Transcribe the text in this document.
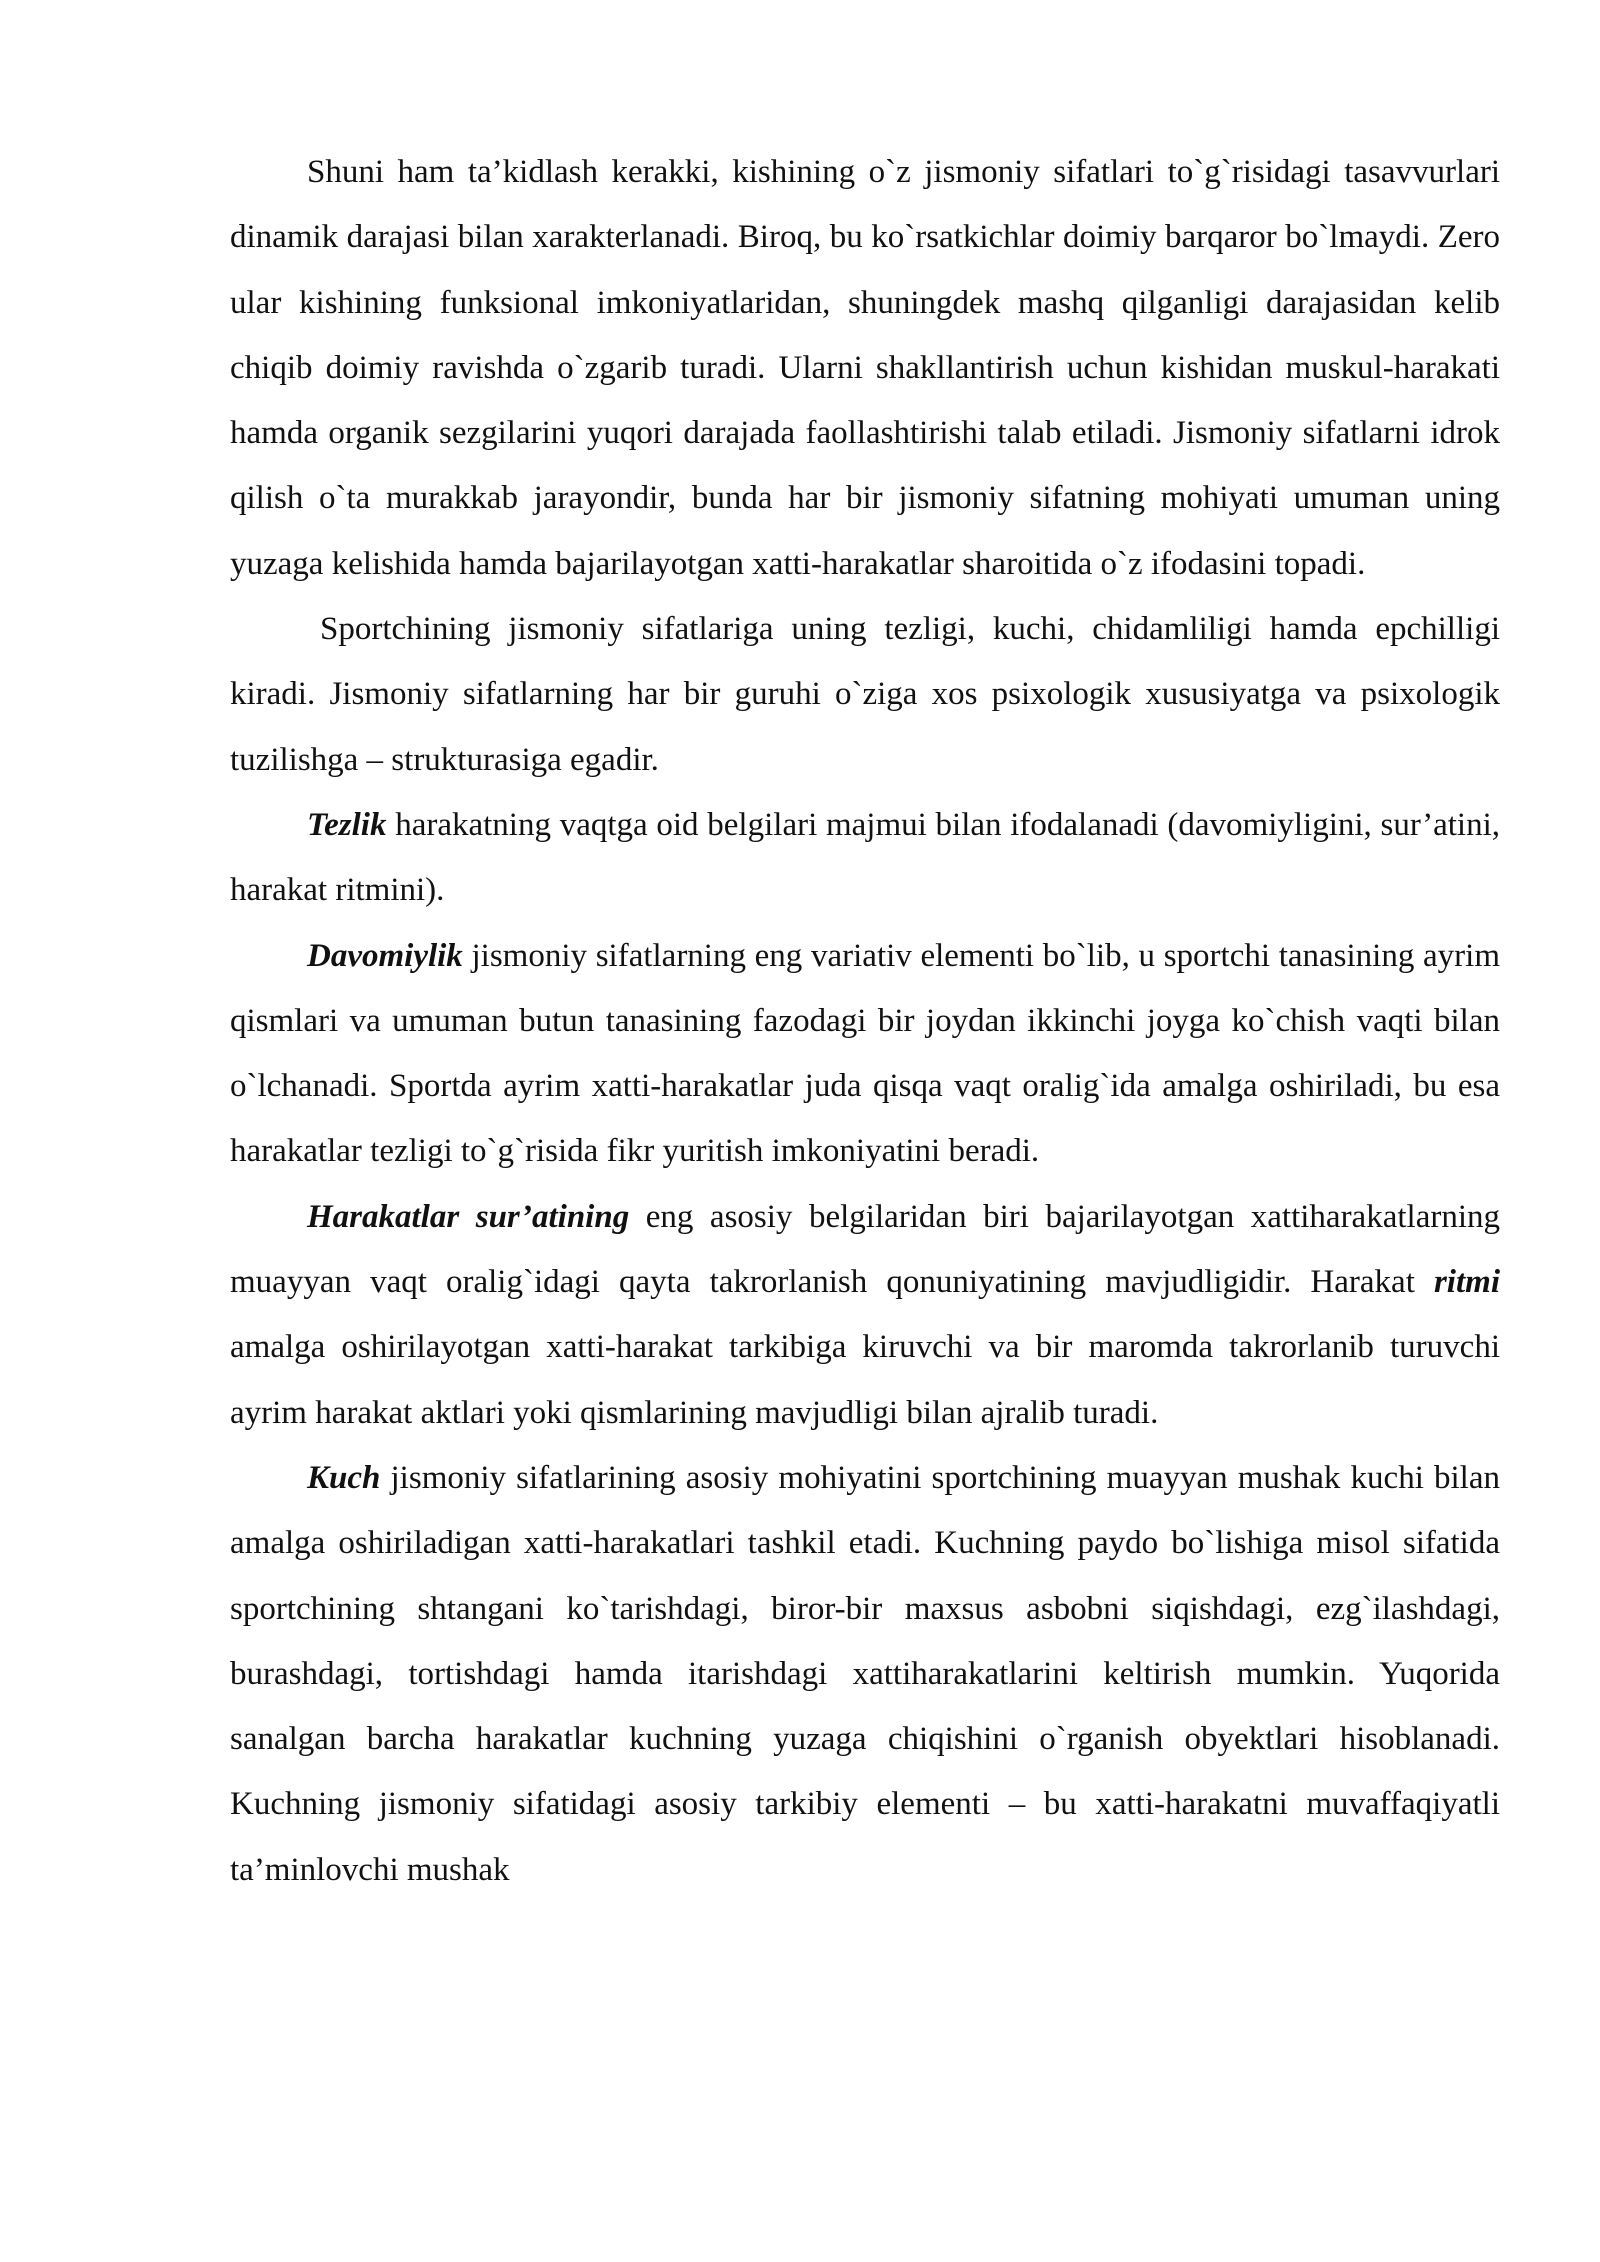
Shuni ham ta’kidlash kerakki, kishining o`z jismoniy sifatlari to`g`risidagi tasavvurlari dinamik darajasi bilan xarakterlanadi. Biroq, bu ko`rsatkichlar doimiy barqaror bo`lmaydi. Zero ular kishining funksional imkoniyatlaridan, shuningdek mashq qilganligi darajasidan kelib chiqib doimiy ravishda o`zgarib turadi. Ularni shakllantirish uchun kishidan muskul-harakati hamda organik sezgilarini yuqori darajada faollashtirishi talab etiladi. Jismoniy sifatlarni idrok qilish o`ta murakkab jarayondir, bunda har bir jismoniy sifatning mohiyati umuman uning yuzaga kelishida hamda bajarilayotgan xatti-harakatlar sharoitida o`z ifodasini topadi.

Sportchining jismoniy sifatlariga uning tezligi, kuchi, chidamliligi hamda epchilligi kiradi. Jismoniy sifatlarning har bir guruhi o`ziga xos psixologik xususiyatga va psixologik tuzilishga – strukturasiga egadir.

Tezlik harakatning vaqtga oid belgilari majmui bilan ifodalanadi (davomiyligini, sur’atini, harakat ritmini).

Davomiylik jismoniy sifatlarning eng variativ elementi bo`lib, u sportchi tanasining ayrim qismlari va umuman butun tanasining fazodagi bir joydan ikkinchi joyga ko`chish vaqti bilan o`lchanadi. Sportda ayrim xatti-harakatlar juda qisqa vaqt oralig`ida amalga oshiriladi, bu esa harakatlar tezligi to`g`risida fikr yuritish imkoniyatini beradi.

Harakatlar sur’atining eng asosiy belgilaridan biri bajarilayotgan xattiharakatlarning muayyan vaqt oralig`idagi qayta takrorlanish qonuniyatining mavjudligidir. Harakat ritmi amalga oshirilayotgan xatti-harakat tarkibiga kiruvchi va bir maromda takrorlanib turuvchi ayrim harakat aktlari yoki qismlarining mavjudligi bilan ajralib turadi.

Kuch jismoniy sifatlarining asosiy mohiyatini sportchining muayyan mushak kuchi bilan amalga oshiriladigan xatti-harakatlari tashkil etadi. Kuchning paydo bo`lishiga misol sifatida sportchining shtangani ko`tarishdagi, biror-bir maxsus asbobni siqishdagi, ezg`ilashdagi, burashdagi, tortishdagi hamda itarishdagi xattiharakatlarini keltirish mumkin. Yuqorida sanalgan barcha harakatlar kuchning yuzaga chiqishini o`rganish obyektlari hisoblanadi. Kuchning jismoniy sifatidagi asosiy tarkibiy elementi – bu xatti-harakatni muvaffaqiyatli ta’minlovchi mushak
